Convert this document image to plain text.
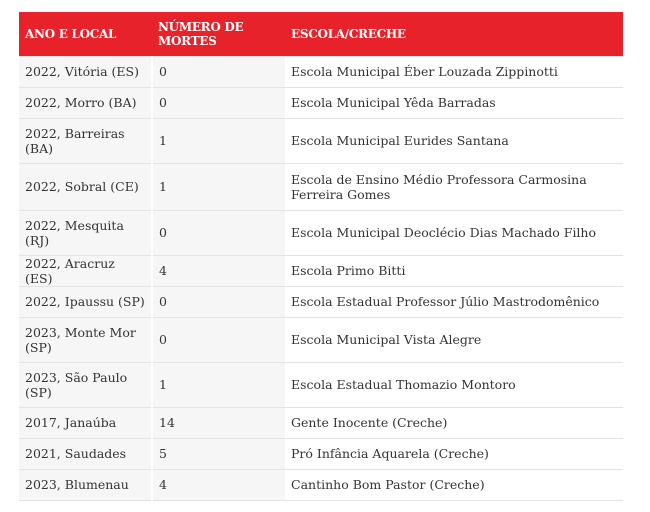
ANO E LOCAL	NÚMERO DE MORTES	ESCOLA/CRECHE
2022, Vitória (ES)	0	Escola Municipal Éber Louzada Zippinotti
2022, Morro (BA)	0	Escola Municipal Yêda Barradas
2022, Barreiras (BA)	1	Escola Municipal Eurides Santana
2022, Sobral (CE)	1	Escola de Ensino Médio Professora Carmosina Ferreira Gomes
2022, Mesquita (RJ)	0	Escola Municipal Deoclécio Dias Machado Filho
2022, Aracruz (ES)	4	Escola Primo Bitti
2022, Ipaussu (SP)	0	Escola Estadual Professor Júlio Mastrodomênico
2023, Monte Mor (SP)	0	Escola Municipal Vista Alegre
2023, São Paulo (SP)	1	Escola Estadual Thomazio Montoro
2017, Janaúba	14	Gente Inocente (Creche)
2021, Saudades	5	Pró Infância Aquarela (Creche)
2023, Blumenau	4	Cantinho Bom Pastor (Creche)
